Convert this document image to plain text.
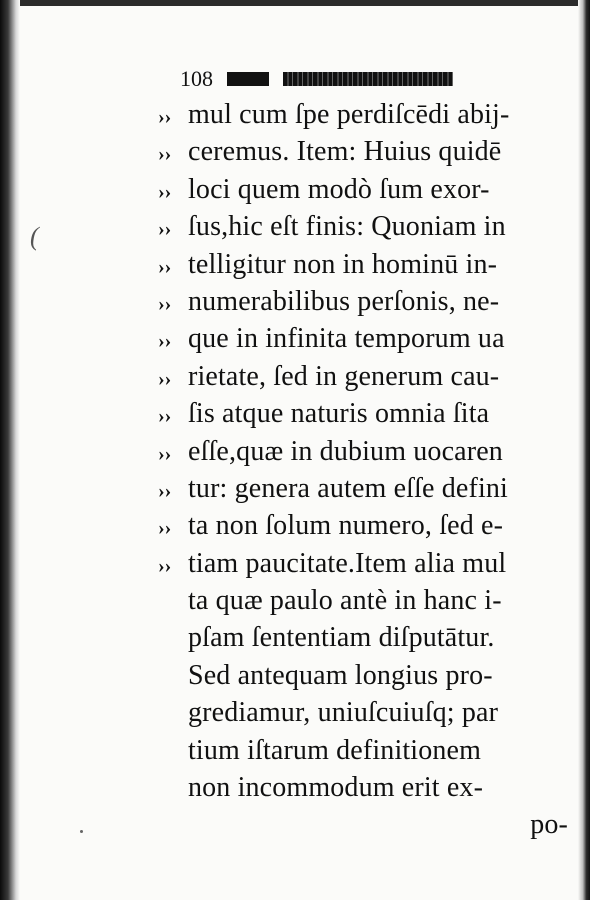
108
(
›› mul cum ſpe perdiſcēdi abij-
›› ceremus. Item: Huius quidē
›› loci quem modò ſum exor-
›› ſus,hic eſt finis: Quoniam in
›› telligitur non in hominū in-
›› numerabilibus perſonis, ne-
›› que in infinita temporum ua
›› rietate, ſed in generum cau-
›› ſis atque naturis omnia ſita
›› eſſe,quæ in dubium uocaren
›› tur: genera autem eſſe defini
›› ta non ſolum numero, ſed e-
›› tiam paucitate.Item alia mul
ta quæ paulo antè in hanc i-
pſam ſententiam diſputātur.
Sed antequam longius pro-
grediamur, uniuſcuiuſq; par
tium iſtarum definitionem
non incommodum erit ex-
po-
